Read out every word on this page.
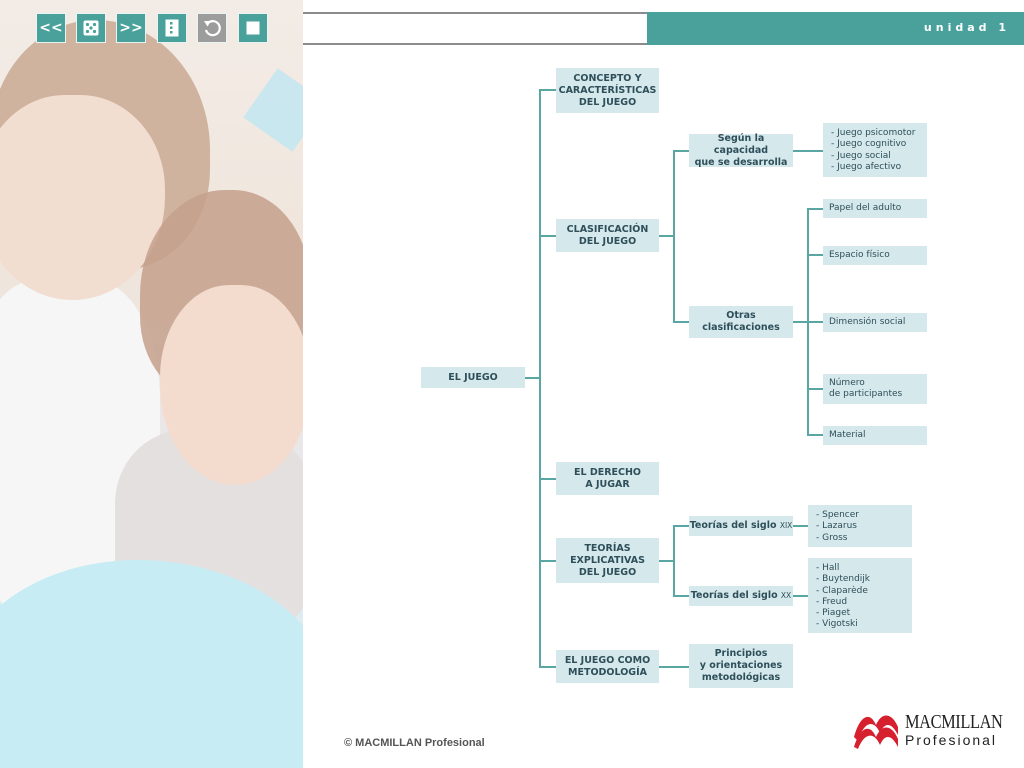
<<	>>	unidad 1
EL JUEGO
CONCEPTO Y
CARACTERÍSTICAS
DEL JUEGO
CLASIFICACIÓN
DEL JUEGO
EL DERECHO
A JUGAR
TEORÍAS
EXPLICATIVAS
DEL JUEGO
EL JUEGO COMO
METODOLOGÍA
Según la capacidad
que se desarrolla
- Juego psicomotor
- Juego cognitivo
- Juego social
- Juego afectivo
Otras
clasificaciones
Papel del adulto
Espacio físico
Dimensión social
Número
de participantes
Material
Teorías del siglo
XIX
- Spencer
- Lazarus
- Gross
Teorías del siglo
XX
- Hall
- Buytendijk
- Claparède
- Freud
- Piaget
- Vigotski
Principios
y orientaciones
metodológicas
© MACMILLAN Profesional
MACMILLAN
Profesional
